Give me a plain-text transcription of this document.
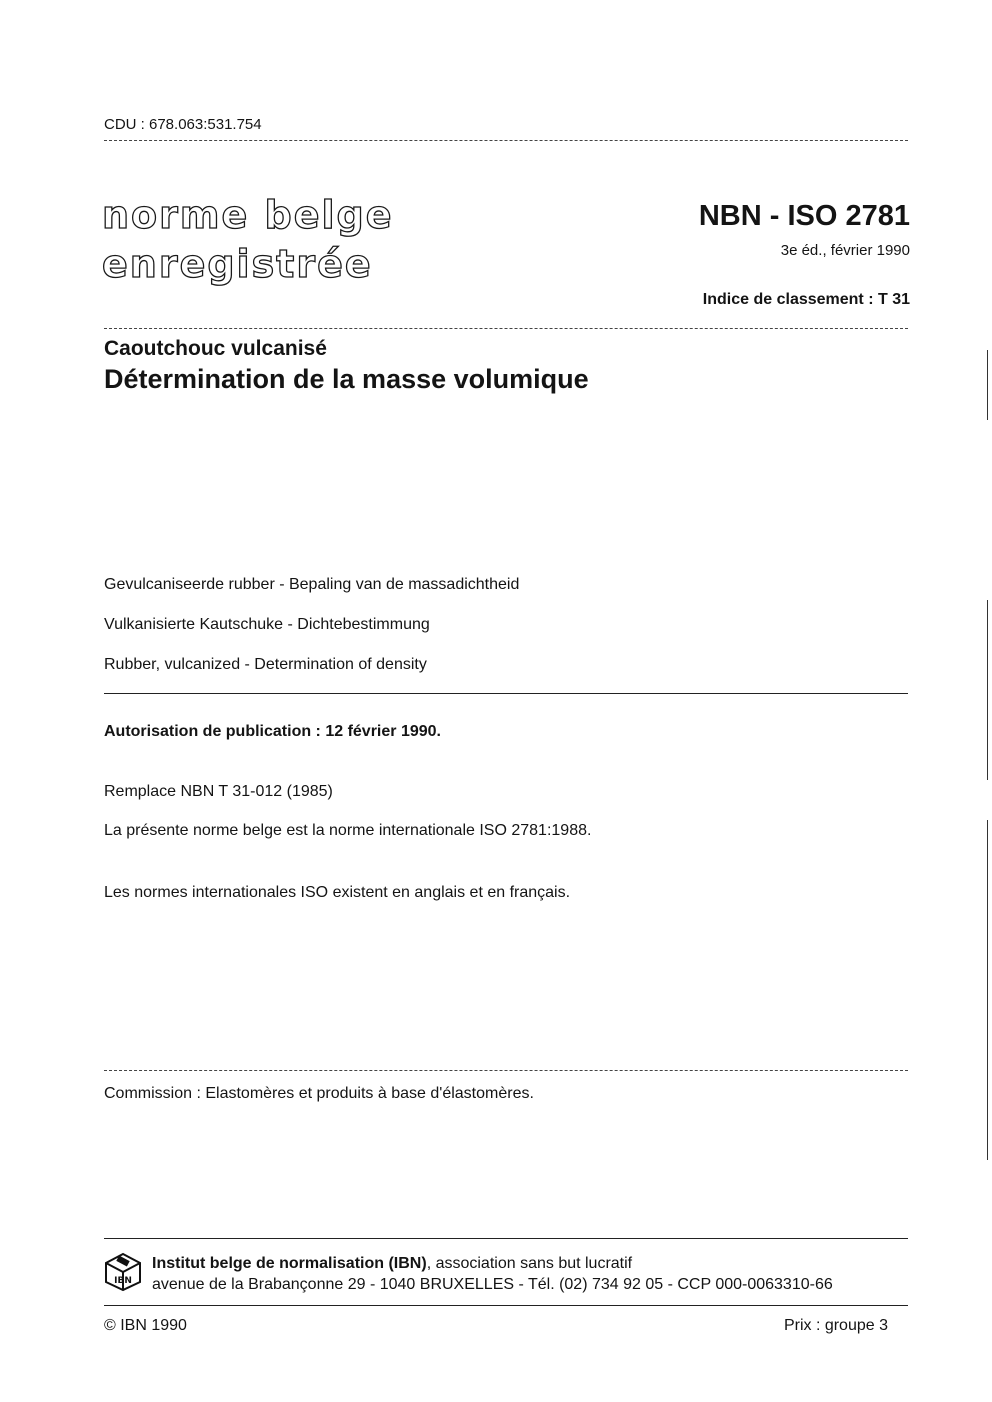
CDU : 678.063:531.754
norme belge
enregistrée
NBN - ISO 2781
3e éd., février 1990
Indice de classement : T 31
Caoutchouc vulcanisé
Détermination de la masse volumique
Gevulcaniseerde rubber - Bepaling van de massadichtheid
Vulkanisierte Kautschuke - Dichtebestimmung
Rubber, vulcanized - Determination of density
Autorisation de publication : 12 février 1990.
Remplace NBN T 31-012 (1985)
La présente norme belge est la norme internationale ISO 2781:1988.
Les normes internationales ISO existent en anglais et en français.
Commission : Elastomères et produits à base d'élastomères.
IBN
Institut belge de normalisation (IBN), association sans but lucratif
avenue de la Brabançonne 29 - 1040 BRUXELLES - Tél. (02) 734 92 05 - CCP 000-0063310-66
© IBN 1990	Prix : groupe 3
